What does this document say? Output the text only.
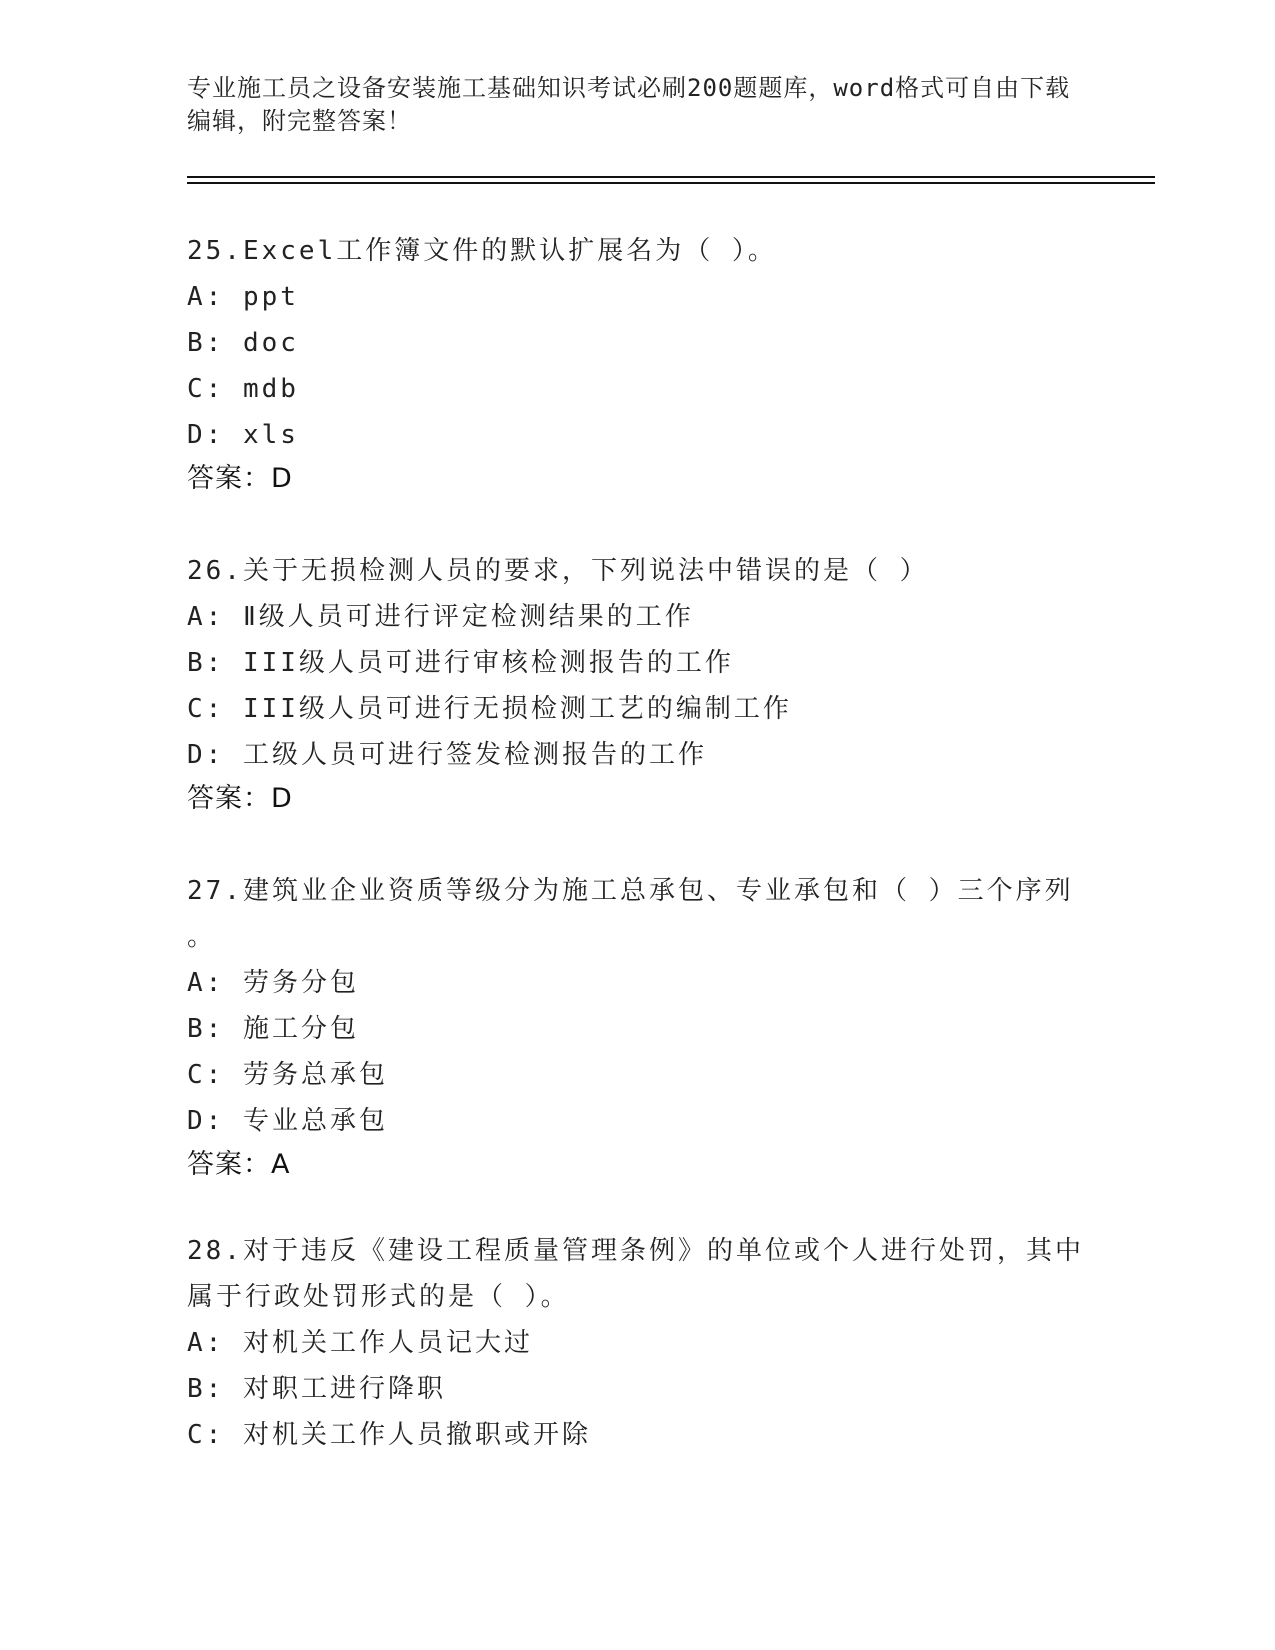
专业施工员之设备安装施工基础知识考试必刷200题题库，word格式可自由下载
编辑，附完整答案！
25.Excel工作簿文件的默认扩展名为（ ）。
A: ppt
B: doc
C: mdb
D: xls
答案：D
26.关于无损检测人员的要求，下列说法中错误的是（ ）
A: Ⅱ级人员可进行评定检测结果的工作
B: III级人员可进行审核检测报告的工作
C: III级人员可进行无损检测工艺的编制工作
D: 工级人员可进行签发检测报告的工作
答案：D
27.建筑业企业资质等级分为施工总承包、专业承包和（ ）三个序列
。
A: 劳务分包
B: 施工分包
C: 劳务总承包
D: 专业总承包
答案：A
28.对于违反《建设工程质量管理条例》的单位或个人进行处罚，其中
属于行政处罚形式的是（ ）。
A: 对机关工作人员记大过
B: 对职工进行降职
C: 对机关工作人员撤职或开除
